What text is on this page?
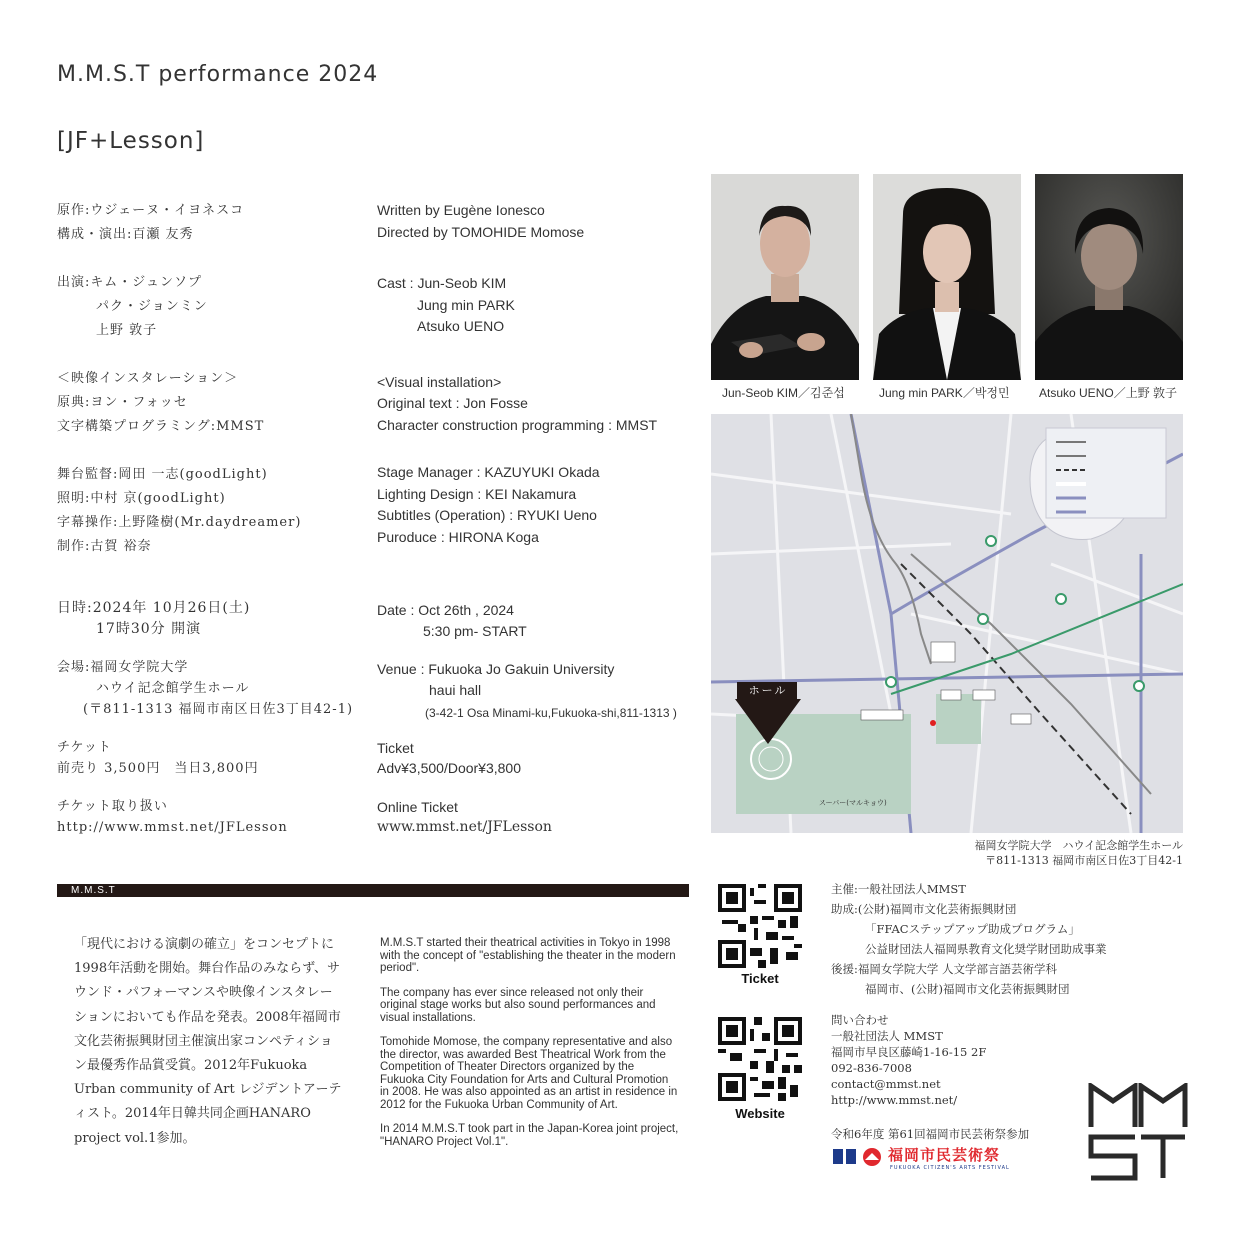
M.M.S.T performance 2024
[JF+Lesson]
原作:ウジェーヌ・イヨネスコ
構成・演出:百瀬 友秀
出演:キム・ジュンソプ
パク・ジョンミン
上野 敦子
＜映像インスタレーション＞
原典:ヨン・フォッセ
文字構築プログラミング:MMST
舞台監督:岡田 一志(goodLight)
照明:中村 京(goodLight)
字幕操作:上野隆樹(Mr.daydreamer)
制作:古賀 裕奈
日時:2024年 10月26日(土)
17時30分 開演
会場:福岡女学院大学
ハウイ記念館学生ホール
(〒811-1313 福岡市南区日佐3丁目42-1)
チケット
前売り 3,500円　当日3,800円
チケット取り扱い
http://www.mmst.net/JFLesson
Written by Eugène Ionesco
Directed by TOMOHIDE Momose
Cast : Jun-Seob KIM
Jung min PARK
Atsuko UENO
<Visual installation>
Original text : Jon Fosse
Character construction programming : MMST
Stage Manager : KAZUYUKI Okada
Lighting Design : KEI Nakamura
Subtitles (Operation) : RYUKI Ueno
Puroduce : HIRONA Koga
Date : Oct 26th , 2024
5:30 pm- START
Venue : Fukuoka Jo Gakuin University
haui hall
(3-42-1 Osa Minami-ku,Fukuoka-shi,811-1313 )
Ticket
Adv¥3,500/Door¥3,800
Online Ticket
www.mmst.net/JFLesson
Jun-Seob KIM／김준섭	Jung min PARK／박정민 Atsuko UENO／上野 敦子
ホール
スーパー(マルキョウ)
福岡女学院大学　ハウイ記念館学生ホール
〒811-1313 福岡市南区日佐3丁目42-1
M.M.S.T
「現代における演劇の確立」をコンセプトに1998年活動を開始。舞台作品のみならず、サウンド・パフォーマンスや映像インスタレーションにおいても作品を発表。2008年福岡市文化芸術振興財団主催演出家コンペティション最優秀作品賞受賞。2012年Fukuoka Urban community of Art レジデントアーティスト。2014年日韓共同企画HANARO project vol.1参加。

M.M.S.T started their theatrical activities in Tokyo in 1998 with the concept of "establishing the theater in the modern period".

The company has ever since released not only their original stage works but also sound performances and visual installations.

Tomohide Momose, the company representative and also the director, was awarded Best Theatrical Work from the Competition of Theater Directors organized by the Fukuoka City Foundation for Arts and Cultural Promotion in 2008. He was also appointed as an artist in residence in 2012 for the Fukuoka Urban Community of Art.

In 2014 M.M.S.T took part in the Japan-Korea joint project, "HANARO Project Vol.1".

Ticket
Website
主催:一般社団法人MMST
助成:(公財)福岡市文化芸術振興財団
「FFACステップアップ助成プログラム」
公益財団法人福岡県教育文化奨学財団助成事業
後援:福岡女学院大学 人文学部言語芸術学科
福岡市、(公財)福岡市文化芸術振興財団
問い合わせ
一般社団法人 MMST
福岡市早良区藤崎1-16-15 2F
092-836-7008
contact@mmst.net
http://www.mmst.net/
令和6年度 第61回福岡市民芸術祭参加
福岡市民芸術祭
FUKUOKA CITIZEN'S ARTS FESTIVAL
